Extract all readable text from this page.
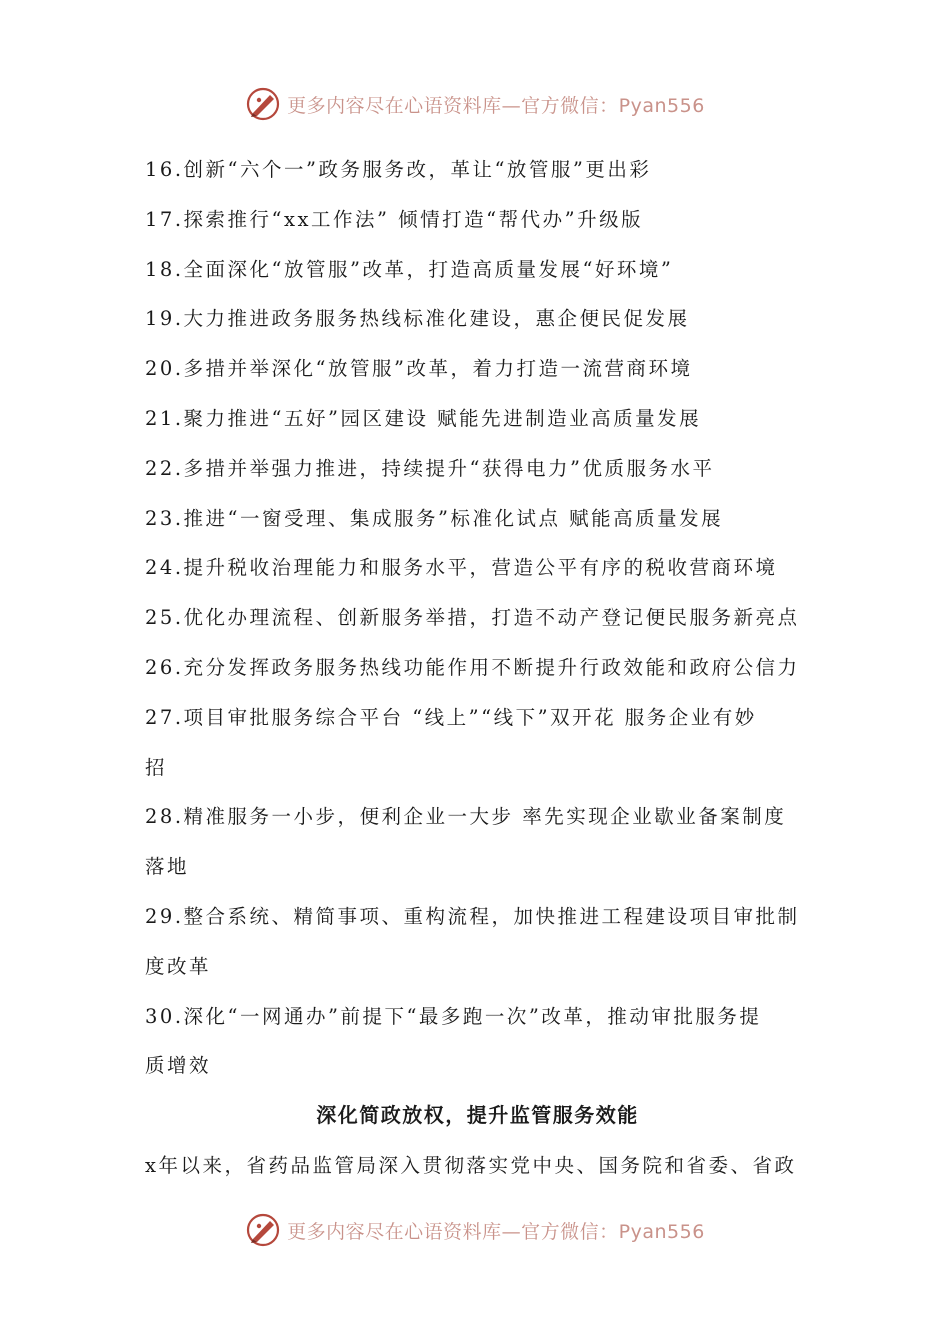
更多内容尽在心语资料库—官方微信：Pyan556
16.创新“六个一”政务服务改，革让“放管服”更出彩
17.探索推行“xx工作法” 倾情打造“帮代办”升级版
18.全面深化“放管服”改革，打造高质量发展“好环境”
19.大力推进政务服务热线标准化建设，惠企便民促发展
20.多措并举深化“放管服”改革，着力打造一流营商环境
21.聚力推进“五好”园区建设 赋能先进制造业高质量发展
22.多措并举强力推进，持续提升“获得电力”优质服务水平
23.推进“一窗受理、集成服务”标准化试点 赋能高质量发展
24.提升税收治理能力和服务水平，营造公平有序的税收营商环境
25.优化办理流程、创新服务举措，打造不动产登记便民服务新亮点
26.充分发挥政务服务热线功能作用不断提升行政效能和政府公信力
27.项目审批服务综合平台 “线上”“线下”双开花 服务企业有妙
招
28.精准服务一小步，便利企业一大步 率先实现企业歇业备案制度
落地
29.整合系统、精简事项、重构流程，加快推进工程建设项目审批制
度改革
30.深化“一网通办”前提下“最多跑一次”改革，推动审批服务提
质增效
深化简政放权，提升监管服务效能
x年以来，省药品监管局深入贯彻落实党中央、国务院和省委、省政
更多内容尽在心语资料库—官方微信：Pyan556
